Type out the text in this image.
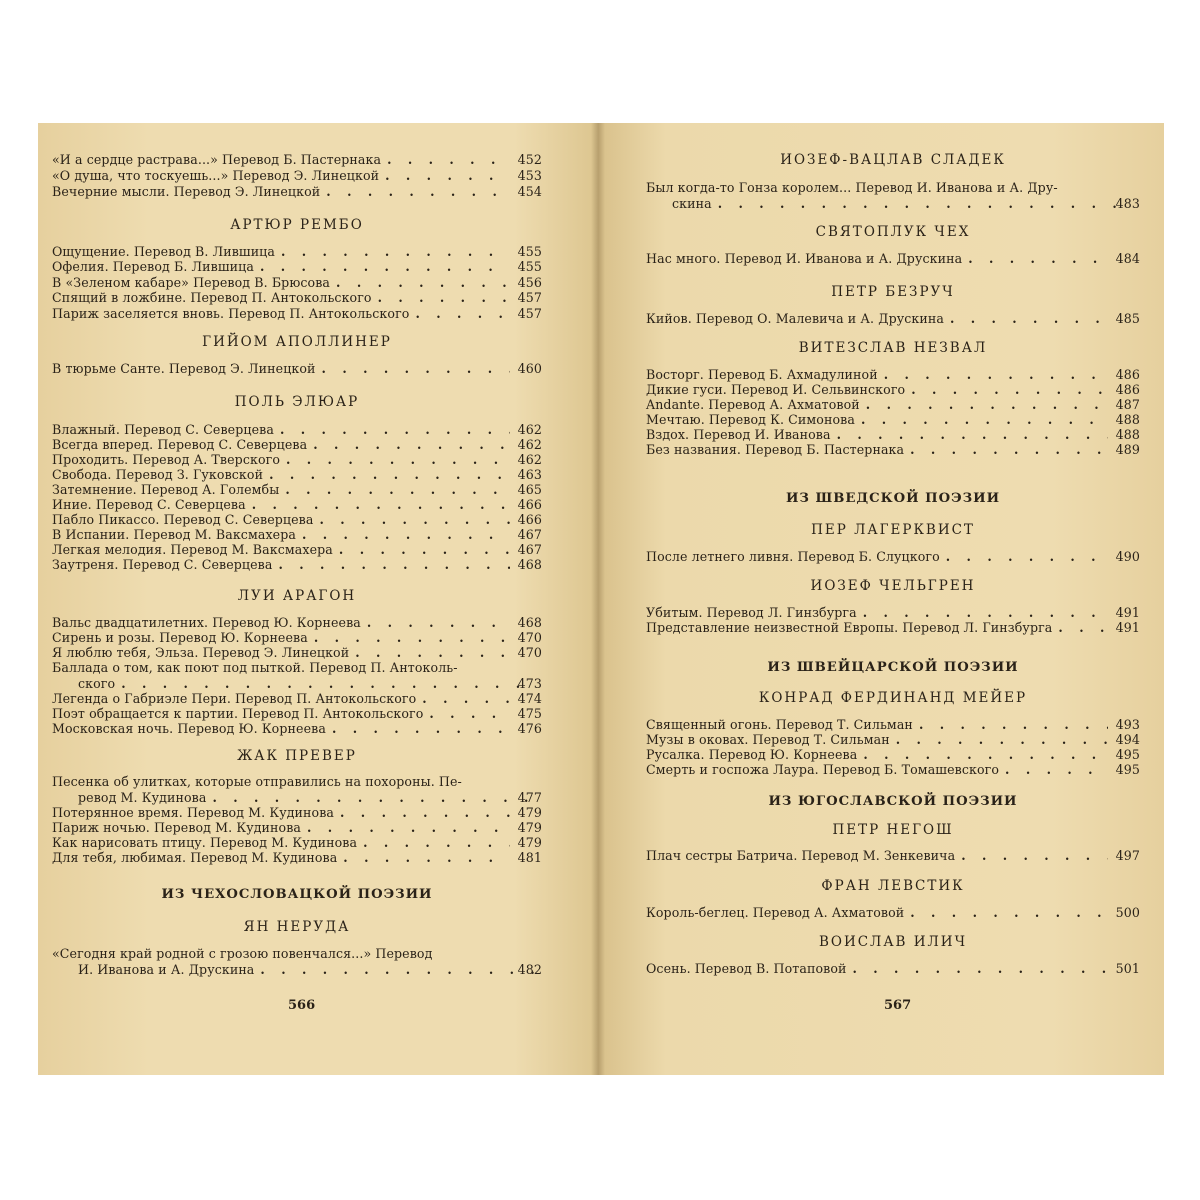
«И а сердце растрава...» Перевод Б. Пастернака . . .	452
«О душа, что тоскуешь...» Перевод Э. Линецкой . . .	453
Вечерние мысли. Перевод Э. Линецкой . . .	454
АРТЮР РЕМБО
Ощущение. Перевод В. Лившица . . .	455
Офелия. Перевод Б. Лившица . . .	455
В «Зеленом кабаре» Перевод В. Брюсова . . .	456
Спящий в ложбине. Перевод П. Антокольского . . .	457
Париж заселяется вновь. Перевод П. Антокольского . . .	457
ГИЙОМ АПОЛЛИНЕР
В тюрьме Санте. Перевод Э. Линецкой . . .	460
ПОЛЬ ЭЛЮАР
Влажный. Перевод С. Северцева . . .	462
Всегда вперед. Перевод С. Северцева . . .	462
Проходить. Перевод А. Тверского . . .	462
Свобода. Перевод З. Гуковской . . .	463
Затемнение. Перевод А. Голембы . . .	465
Иние. Перевод С. Северцева . . .	466
Пабло Пикассо. Перевод С. Северцева . . .	466
В Испании. Перевод М. Ваксмахера . . .	467
Легкая мелодия. Перевод М. Ваксмахера . . .	467
Заутреня. Перевод С. Северцева . . .	468
ЛУИ АРАГОН
Вальс двадцатилетних. Перевод Ю. Корнеева . . .	468
Сирень и розы. Перевод Ю. Корнеева . . .	470
Я люблю тебя, Эльза. Перевод Э. Линецкой . . .	470
Баллада о том, как поют под пыткой. Перевод П. Антоколь-
ского . . .	473
Легенда о Габриэле Пери. Перевод П. Антокольского . . .	474
Поэт обращается к партии. Перевод П. Антокольского . . .	475
Московская ночь. Перевод Ю. Корнеева . . .	476
ЖАК ПРЕВЕР
Песенка об улитках, которые отправились на похороны. Пе-
ревод М. Кудинова . . .	477
Потерянное время. Перевод М. Кудинова . . .	479
Париж ночью. Перевод М. Кудинова . . .	479
Как нарисовать птицу. Перевод М. Кудинова . . .	479
Для тебя, любимая. Перевод М. Кудинова . . .	481
ИЗ ЧЕХОСЛОВАЦКОЙ ПОЭЗИИ
ЯН НЕРУДА
«Сегодня край родной с грозою повенчался...» Перевод
И. Иванова и А. Друскина . . .	482
ИОЗЕФ-ВАЦЛАВ СЛАДЕК
Был когда-то Гонза королем... Перевод И. Иванова и А. Дру-
скина . . .	483
СВЯТОПЛУК ЧЕХ
Нас много. Перевод И. Иванова и А. Друскина . . .	484
ПЕТР БЕЗРУЧ
Кийов. Перевод О. Малевича и А. Друскина . . .	485
ВИТЕЗСЛАВ НЕЗВАЛ
Восторг. Перевод Б. Ахмадулиной . . .	486
Дикие гуси. Перевод И. Сельвинского . . .	486
Andante. Перевод А. Ахматовой . . .	487
Мечтаю. Перевод К. Симонова . . .	488
Вздох. Перевод И. Иванова . . .	488
Без названия. Перевод Б. Пастернака . . .	489
ИЗ ШВЕДСКОЙ ПОЭЗИИ
ПЕР ЛАГЕРКВИСТ
После летнего ливня. Перевод Б. Слуцкого . . .	490
ИОЗЕФ ЧЕЛЬГРЕН
Убитым. Перевод Л. Гинзбурга . . .	491
Представление неизвестной Европы. Перевод Л. Гинзбурга . . .	491
ИЗ ШВЕЙЦАРСКОЙ ПОЭЗИИ
КОНРАД ФЕРДИНАНД МЕЙЕР
Священный огонь. Перевод Т. Сильман . . .	493
Музы в оковах. Перевод Т. Сильман . . .	494
Русалка. Перевод Ю. Корнеева . . .	495
Смерть и госпожа Лаура. Перевод Б. Томашевского . . .	495
ИЗ ЮГОСЛАВСКОЙ ПОЭЗИИ
ПЕТР НЕГОШ
Плач сестры Батрича. Перевод М. Зенкевича . . .	497
ФРАН ЛЕВСТИК
Король-беглец. Перевод А. Ахматовой . . .	500
ВОИСЛАВ ИЛИЧ
Осень. Перевод В. Потаповой . . .	501
566	567
